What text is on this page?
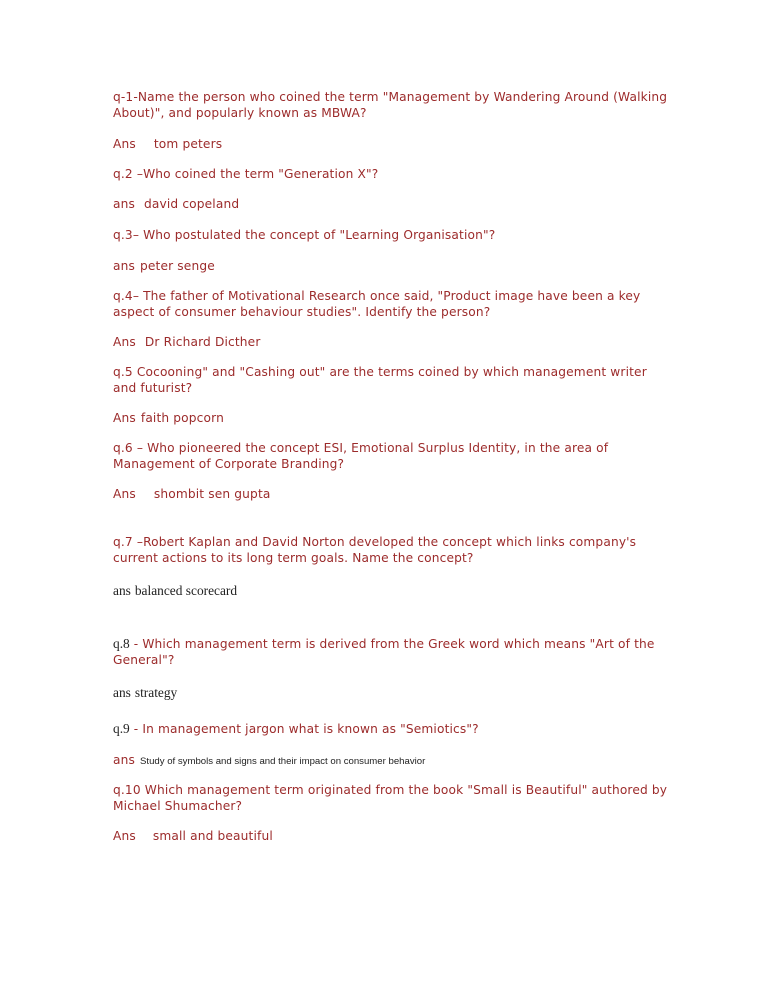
q-1-Name the person who coined the term "Management by Wandering Around (Walking About)", and popularly known as MBWA?

Ans tom peters

q.2 –Who coined the term "Generation X"?

ans david copeland

q.3– Who postulated the concept of "Learning Organisation"?

ans peter senge

q.4– The father of Motivational Research once said, "Product image have been a key aspect of consumer behaviour studies". Identify the person?

Ans Dr Richard Dicther

q.5 Cocooning" and "Cashing out" are the terms coined by which management writer and futurist?

Ans faith popcorn

q.6 – Who pioneered the concept ESI, Emotional Surplus Identity, in the area of Management of Corporate Branding?

Ans shombit sen gupta

q.7 –Robert Kaplan and David Norton developed the concept which links company's current actions to its long term goals. Name the concept?

ans balanced scorecard

q.8 - Which management term is derived from the Greek word which means "Art of the General"?

ans strategy

q.9 - In management jargon what is known as "Semiotics"?

ans Study of symbols and signs and their impact on consumer behavior

q.10 Which management term originated from the book "Small is Beautiful" authored by Michael Shumacher?

Ans small and beautiful
